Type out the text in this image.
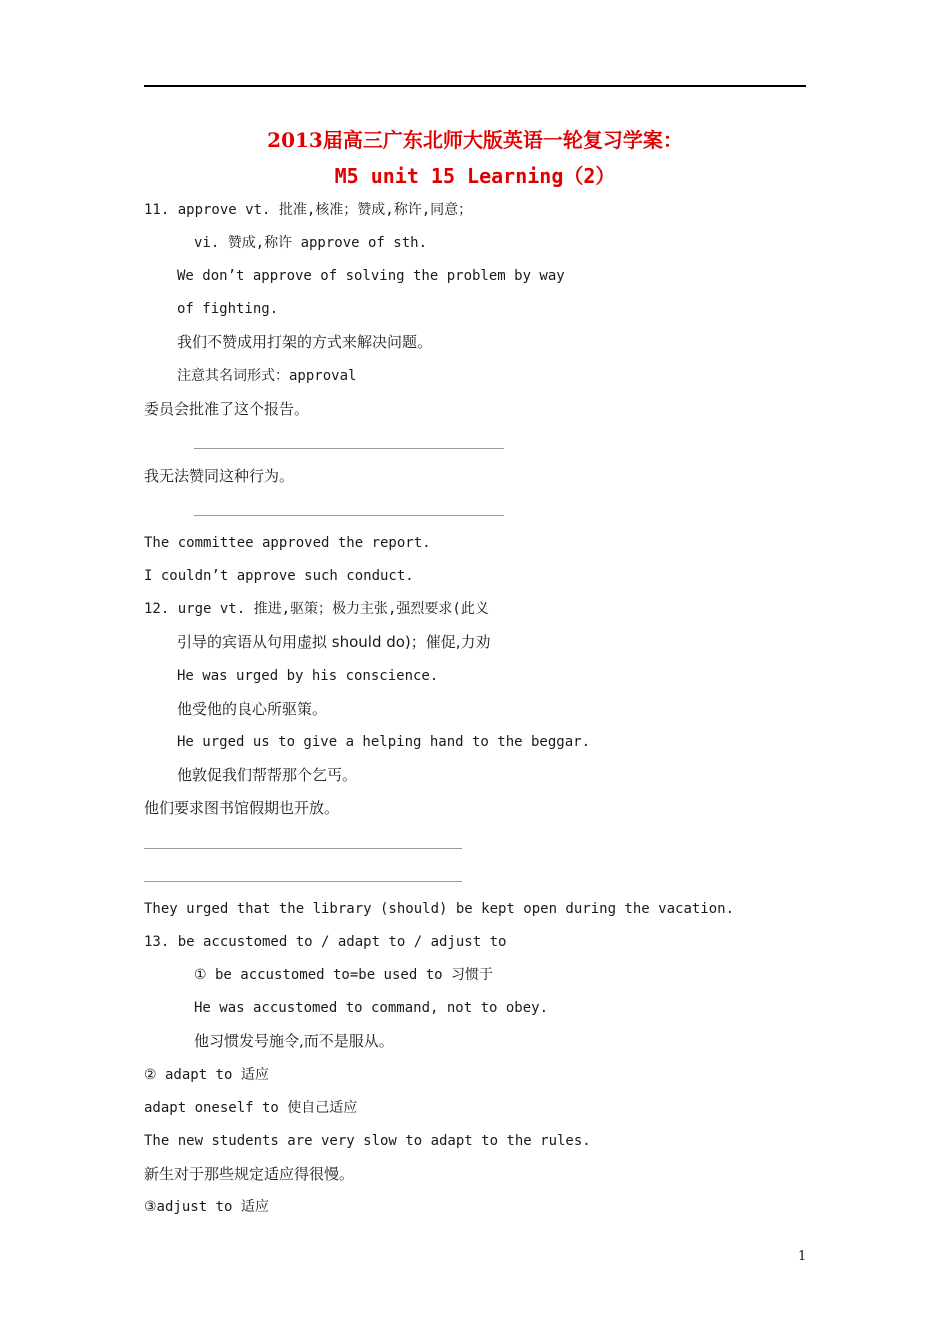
2013届高三广东北师大版英语一轮复习学案：
M5 unit 15 Learning（2）
11. approve vt. 批准,核准；赞成,称许,同意；
vi. 赞成,称许 approve of sth.
We don’t approve of solving the problem by way
of fighting.
我们不赞成用打架的方式来解决问题。
注意其名词形式：approval
委员会批准了这个报告。
我无法赞同这种行为。
The committee approved the report.
I couldn’t approve such conduct.
12. urge vt. 推进,驱策；极力主张,强烈要求(此义
引导的宾语从句用虚拟 should do)；催促,力劝
He was urged by his conscience.
他受他的良心所驱策。
He urged us to give a helping hand to the beggar.
他敦促我们帮帮那个乞丐。
他们要求图书馆假期也开放。
They urged that the library (should) be kept open during the vacation.
13. be accustomed to / adapt to / adjust to
① be accustomed to=be used to 习惯于
He was accustomed to command, not to obey.
他习惯发号施令,而不是服从。
② adapt to 适应
adapt oneself to 使自己适应
The new students are very slow to adapt to the rules.
新生对于那些规定适应得很慢。
③adjust to 适应
1
